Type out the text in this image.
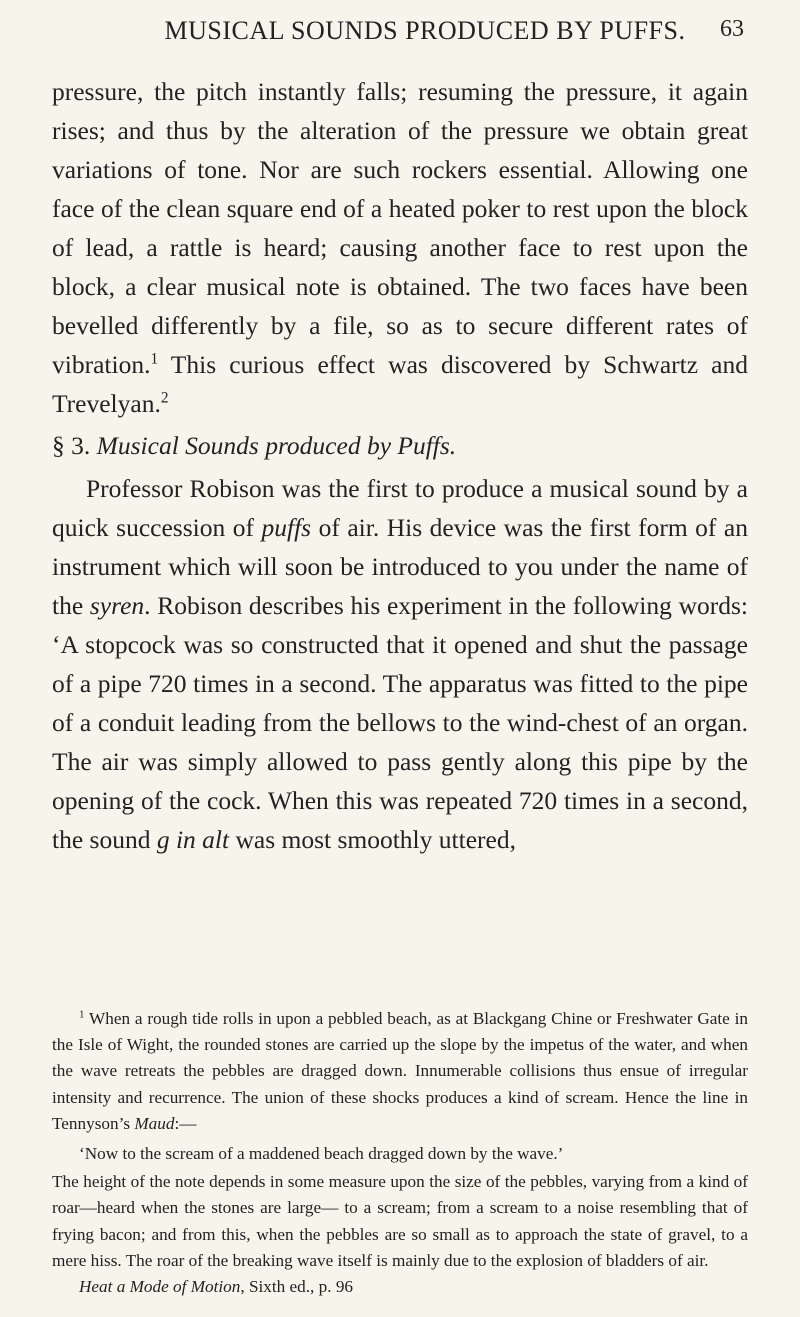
MUSICAL SOUNDS PRODUCED BY PUFFS.	63

pressure, the pitch instantly falls; resuming the pressure, it again rises; and thus by the alteration of the pressure we obtain great variations of tone. Nor are such rockers essential. Allowing one face of the clean square end of a heated poker to rest upon the block of lead, a rattle is heard; causing another face to rest upon the block, a clear musical note is obtained. The two faces have been bevelled differently by a file, so as to secure different rates of vibration.$^1$ This curious effect was discovered by Schwartz and Trevelyan.$^2$

§ 3. Musical Sounds produced by Puffs.

Professor Robison was the first to produce a musical sound by a quick succession of puffs of air. His device was the first form of an instrument which will soon be introduced to you under the name of the syren. Robison describes his experiment in the following words: ‘A stopcock was so constructed that it opened and shut the passage of a pipe 720 times in a second. The apparatus was fitted to the pipe of a conduit leading from the bellows to the wind-chest of an organ. The air was simply allowed to pass gently along this pipe by the opening of the cock. When this was repeated 720 times in a second, the sound g in alt was most smoothly uttered,

$^1$ When a rough tide rolls in upon a pebbled beach, as at Blackgang Chine or Freshwater Gate in the Isle of Wight, the rounded stones are carried up the slope by the impetus of the water, and when the wave retreats the pebbles are dragged down. Innumerable collisions thus ensue of irregular intensity and recurrence. The union of these shocks produces a kind of scream. Hence the line in Tennyson’s Maud:—

‘Now to the scream of a maddened beach dragged down by the wave.’

The height of the note depends in some measure upon the size of the pebbles, varying from a kind of roar—heard when the stones are large— to a scream; from a scream to a noise resembling that of frying bacon; and from this, when the pebbles are so small as to approach the state of gravel, to a mere hiss. The roar of the breaking wave itself is mainly due to the explosion of bladders of air.

Heat a Mode of Motion, Sixth ed., p. 96
